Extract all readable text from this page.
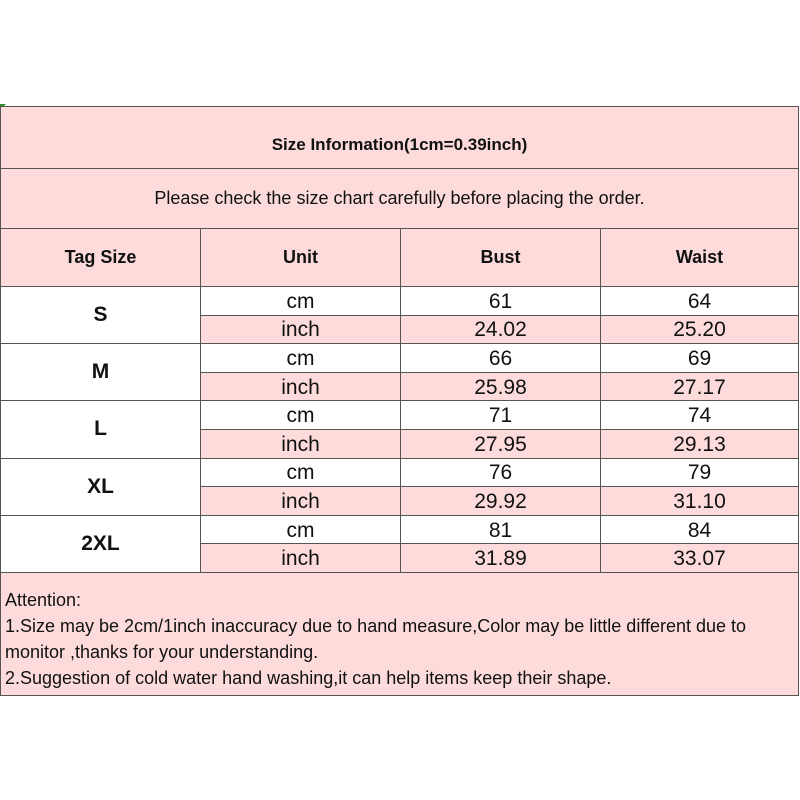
Size Information(1cm=0.39inch)
Please check the size chart carefully before placing the order.
Tag Size	Unit	Bust	Waist
S
cm	61	64
inch	24.02	25.20
M
cm	66	69
inch	25.98	27.17
L
cm	71	74
inch	27.95	29.13
XL
cm	76	79
inch	29.92	31.10
2XL
cm	81	84
inch	31.89	33.07

Attention:

1.Size may be 2cm/1inch inaccuracy due to hand measure,Color may be little different due to monitor ,thanks for your understanding.

2.Suggestion of cold water hand washing,it can help items keep their shape.
